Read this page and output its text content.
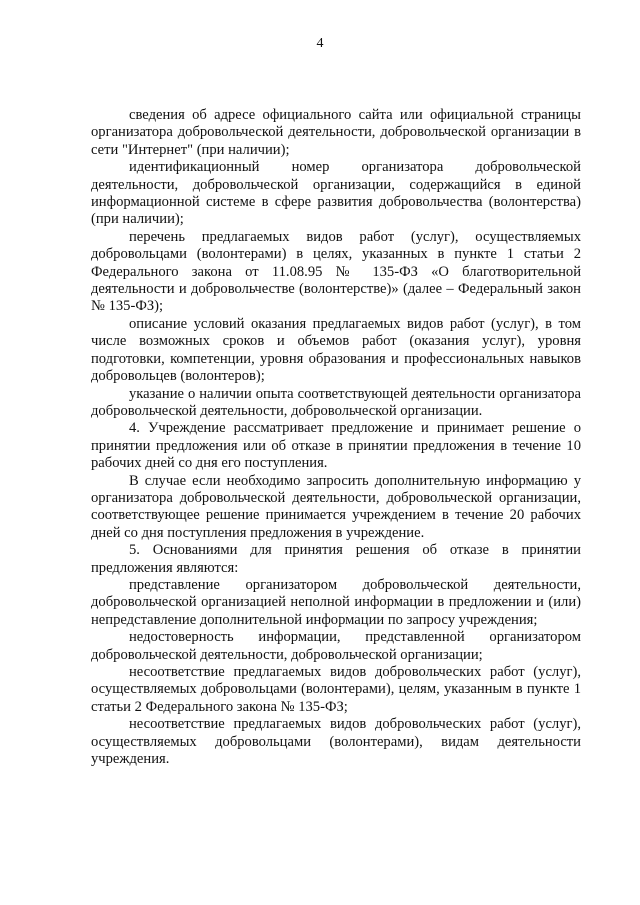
4

сведения об адресе официального сайта или официальной страницы организатора добровольческой деятельности, добровольческой организации в сети "Интернет" (при наличии);

идентификационный номер организатора добровольческой деятельности, добровольческой организации, содержащийся в единой информационной системе в сфере развития добровольчества (волонтерства) (при наличии);

перечень предлагаемых видов работ (услуг), осуществляемых добровольцами (волонтерами) в целях, указанных в пункте 1 статьи 2 Федерального закона от 11.08.95 № 135-ФЗ «О благотворительной деятельности и добровольчестве (волонтерстве)» (далее – Федеральный закон № 135-ФЗ);

описание условий оказания предлагаемых видов работ (услуг), в том числе возможных сроков и объемов работ (оказания услуг), уровня подготовки, компетенции, уровня образования и профессиональных навыков добровольцев (волонтеров);

указание о наличии опыта соответствующей деятельности организатора добровольческой деятельности, добровольческой организации.

4. Учреждение рассматривает предложение и принимает решение о принятии предложения или об отказе в принятии предложения в течение 10 рабочих дней со дня его поступления.

В случае если необходимо запросить дополнительную информацию у организатора добровольческой деятельности, добровольческой организации, соответствующее решение принимается учреждением в течение 20 рабочих дней со дня поступления предложения в учреждение.

5. Основаниями для принятия решения об отказе в принятии предложения являются:

представление организатором добровольческой деятельности, добровольческой организацией неполной информации в предложении и (или) непредставление дополнительной информации по запросу учреждения;

недостоверность информации, представленной организатором добровольческой деятельности, добровольческой организации;

несоответствие предлагаемых видов добровольческих работ (услуг), осуществляемых добровольцами (волонтерами), целям, указанным в пункте 1 статьи 2 Федерального закона № 135-ФЗ;

несоответствие предлагаемых видов добровольческих работ (услуг), осуществляемых добровольцами (волонтерами), видам деятельности учреждения.
